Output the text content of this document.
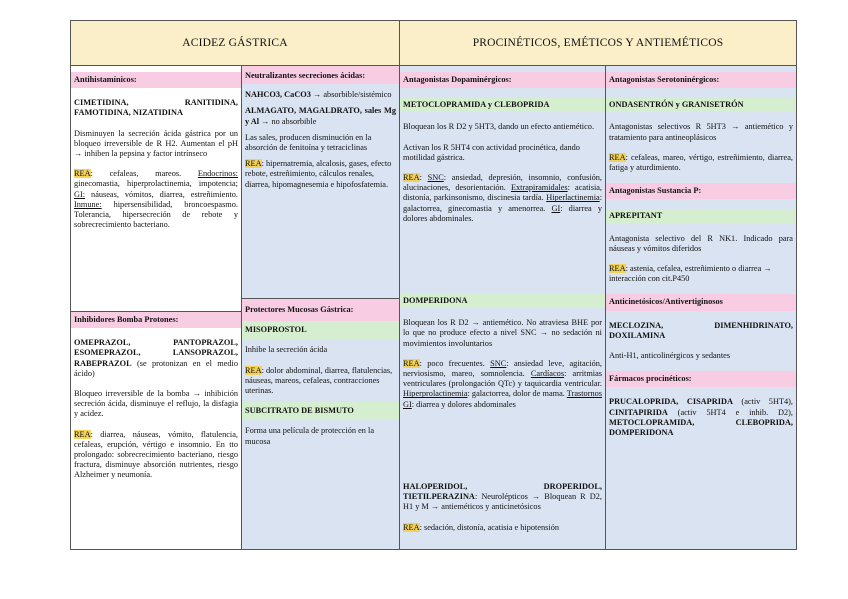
ACIDEZ GÁSTRICA	PROCINÉTICOS, EMÉTICOS Y ANTIEMÉTICOS
Antihistamínicos:
CIMETIDINA, RANITIDINA, FAMOTIDINA, NIZATIDINA
Disminuyen la secreción ácida gástrica por un bloqueo irreversible de R H2. Aumentan el pH → inhiben la pepsina y factor intrínseco
REA: cefaleas, mareos. Endocrinos: ginecomastia, hiperprolactinemia, impotencia; GI: náuseas, vómitos, diarrea, estreñimiento. Inmune: hipersensibilidad, broncoespasmo. Tolerancia, hipersecreción de rebote y sobrecrecimiento bacteriano.
Inhibidores Bomba Protones:
OMEPRAZOL, PANTOPRAZOL, ESOMEPRAZOL, LANSOPRAZOL, RABEPRAZOL (se protonizan en el medio ácido)
Bloqueo irreversible de la bomba → inhibición secreción ácida, disminuye el reflujo, la disfagia y acidez.
REA: diarrea, náuseas, vómito, flatulencia, cefaleas, erupción, vértigo e insomnio. En tto prolongado: sobrecrecimiento bacteriano, riesgo fractura, disminuye absorción nutrientes, riesgo Alzheimer y neumonía.
Neutralizantes secreciones ácidas:
NAHCO3, CaCO3 → absorbible/sistémico
ALMAGATO, MAGALDRATO, sales Mg y Al → no absorbible
Las sales, producen disminución en la absorción de fenitoína y tetraciclinas
REA: hipernatremia, alcalosis, gases, efecto rebote, estreñimiento, cálculos renales, diarrea, hipomagnesemia e hipofosfatemia.
Protectores Mucosas Gástrica:
MISOPROSTOL
Inhibe la secreción ácida
REA: dolor abdominal, diarrea, flatulencias, náuseas, mareos, cefaleas, contracciones uterinas.
SUBCITRATO DE BISMUTO
Forma una película de protección en la mucosa
Antagonistas Dopaminérgicos:
METOCLOPRAMIDA y CLEBOPRIDA
Bloquean los R D2 y 5HT3, dando un efecto antiemético.
Activan los R 5HT4 con actividad procinética, dando motilidad gástrica.
REA: SNC: ansiedad, depresión, insomnio, confusión, alucinaciones, desorientación. Extrapiramidales: acatisia, distonía, parkinsonismo, discinesia tardía. Hiperlactinemia: galactorrea, ginecomastia y amenorrea. GI: diarrea y dolores abdominales.
DOMPERIDONA
Bloquean los R D2 → antiemético. No atraviesa BHE por lo que no produce efecto a nivel SNC → no sedación ni movimientos involuntarios
REA: poco frecuentes. SNC: ansiedad leve, agitación, nerviosismo, mareo, somnolencia. Cardíacos: arritmias ventriculares (prolongación QTc) y taquicardia ventricular. Hiperprolactinemia: galactorrea, dolor de mama. Trastornos GI: diarrea y dolores abdominales
HALOPERIDOL, DROPERIDOL, TIETILPERAZINA: Neurolépticos → Bloquean R D2, H1 y M → antieméticos y anticinetósicos
REA: sedación, distonía, acatisia e hipotensión
Antagonistas Serotoninérgicos:
ONDASENTRÓN y GRANISETRÓN
Antagonistas selectivos R 5HT3 → antiemético y tratamiento para antineoplásicos
REA: cefaleas, mareo, vértigo, estreñimiento, diarrea, fatiga y aturdimiento.
Antagonistas Sustancia P:
APREPITANT
Antagonista selectivo del R NK1. Indicado para náuseas y vómitos diferidos
REA: astenia, cefalea, estreñimiento o diarrea → interacción con cit.P450
Anticinetósicos/Antivertiginosos
MECLOZINA, DIMENHIDRINATO, DOXILAMINA
Anti-H1, anticolinérgicos y sedantes
Fármacos procinéticos:
PRUCALOPRIDA, CISAPRIDA (activ 5HT4), CINITAPIRIDA (activ 5HT4 e inhib. D2), METOCLOPRAMIDA, CLEBOPRIDA, DOMPERIDONA
